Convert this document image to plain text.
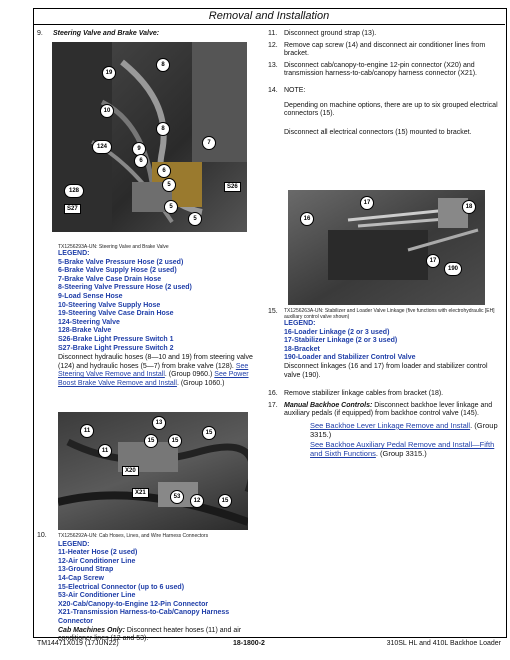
Removal and Installation
9. Steering Valve and Brake Valve:
19
8
10
8
124	9
6
7
6
5
128
S26
S27	5
5
TX1256293A-UN: Steering Valve and Brake Valve
LEGEND:
5-Brake Valve Pressure Hose (2 used)
6-Brake Valve Supply Hose (2 used)
7-Brake Valve Case Drain Hose
8-Steering Valve Pressure Hose (2 used)
9-Load Sense Hose
10-Steering Valve Supply Hose
19-Steering Valve Case Drain Hose
124-Steering Valve
128-Brake Valve
S26-Brake Light Pressure Switch 1
S27-Brake Light Pressure Switch 2
Disconnect hydraulic hoses (8—10 and 19) from steering valve (124) and hydraulic hoses (5—7) from brake valve (128). See Steering Valve Remove and Install. (Group 0960.) See Power Boost Brake Valve Remove and Install. (Group 1060.)
11
13
15	15
15
11
X20
X21
53
12	15
10.	TX1256292A-UN: Cab Hoses, Lines, and Wire Harness Connectors
LEGEND:
11-Heater Hose (2 used)
12-Air Conditioner Line
13-Ground Strap
14-Cap Screw
15-Electrical Connector (up to 6 used)
53-Air Conditioner Line
X20-Cab/Canopy-to-Engine 12-Pin Connector
X21-Transmission Harness-to-Cab/Canopy Harness Connector
Cab Machines Only: Disconnect heater hoses (11) and air conditioner lines (12 and 53).
11. Disconnect ground strap (13).
12. Remove cap screw (14) and disconnect air conditioner lines from bracket.
13. Disconnect cab/canopy-to-engine 12-pin connector (X20) and transmission harness-to-cab/canopy harness connector (X21).
14. NOTE:
Depending on machine options, there are up to six grouped electrical connectors (15).
Disconnect all electrical connectors (15) mounted to bracket.
16
17
18
17
190
15.	TX1256263A-UN: Stabilizer and Loader Valve Linkage (five functions with electrohydraulic [EH] auxiliary control valve shown)
LEGEND:
16-Loader Linkage (2 or 3 used)
17-Stabilizer Linkage (2 or 3 used)
18-Bracket
190-Loader and Stabilizer Control Valve
Disconnect linkages (16 and 17) from loader and stabilizer control valve (190).
16. Remove stabilizer linkage cables from bracket (18).
17. Manual Backhoe Controls: Disconnect backhoe lever linkage and auxiliary pedals (if equipped) from backhoe control valve (145).
See Backhoe Lever Linkage Remove and Install. (Group 3315.)
See Backhoe Auxiliary Pedal Remove and Install—Fifth and Sixth Functions. (Group 3315.)
TM14471X019 (17JUN22)	18-1800-2	310SL HL and 410L Backhoe Loader
